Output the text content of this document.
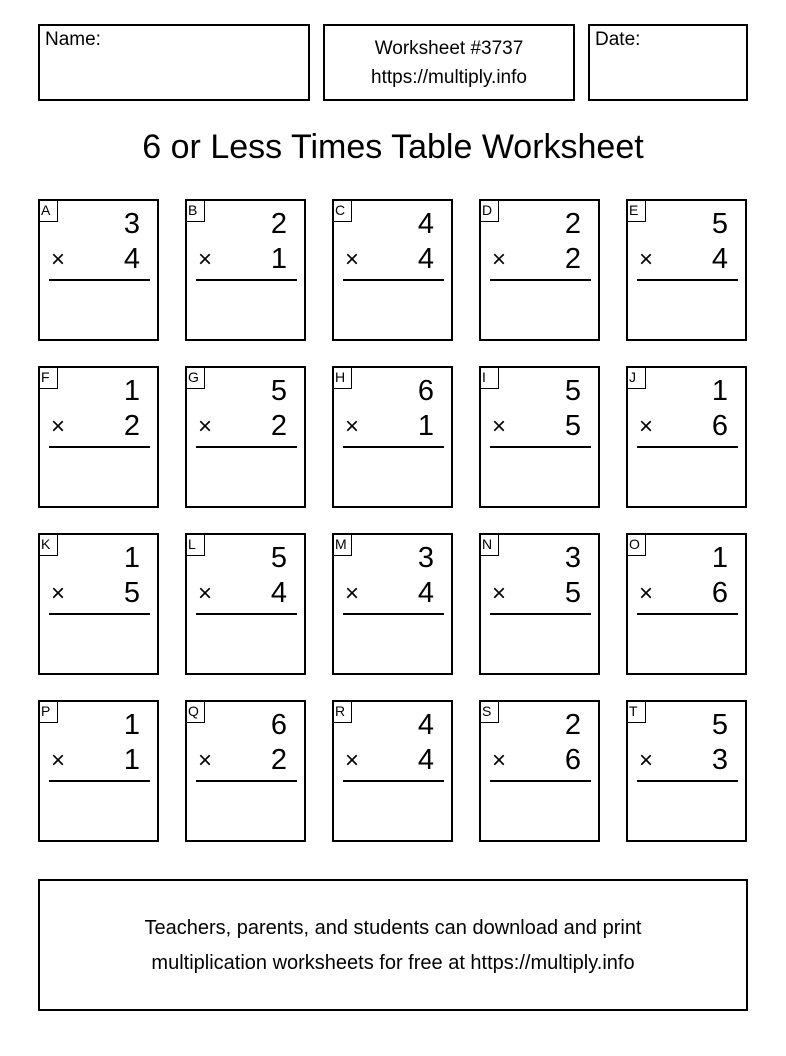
Name:	Worksheet #3737
https://multiply.info
Date:
6 or Less Times Table Worksheet
A	3
× 4
B	2
× 1
C	4
× 4
D	2
× 2
E	5
× 4
F	1
× 2
G 5
× 2
H	6
× 1
I	5
× 5
J	1
× 6
K	1
× 5
L	5
× 4
M 3
× 4
N	3
× 5
O 1
× 6
P	1
× 1
Q 6
× 2
R	4
× 4
S	2
× 6
T	5
× 3
Teachers, parents, and students can download and print
multiplication worksheets for free at https://multiply.info
